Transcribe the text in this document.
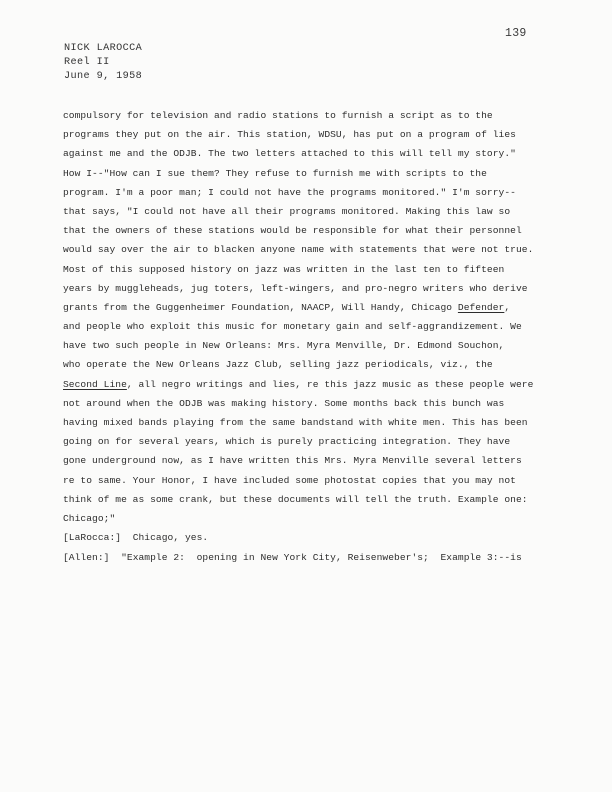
139
NICK LAROCCA
Reel II
June 9, 1958
compulsory for television and radio stations to furnish a script as to the
programs they put on the air. This station, WDSU, has put on a program of lies
against me and the ODJB. The two letters attached to this will tell my story."
How I--"How can I sue them? They refuse to furnish me with scripts to the
program. I'm a poor man; I could not have the programs monitored." I'm sorry--
that says, "I could not have all their programs monitored. Making this law so
that the owners of these stations would be responsible for what their personnel
would say over the air to blacken anyone name with statements that were not true.
Most of this supposed history on jazz was written in the last ten to fifteen
years by muggleheads, jug toters, left-wingers, and pro-negro writers who derive
grants from the Guggenheimer Foundation, NAACP, Will Handy, Chicago Defender,
and people who exploit this music for monetary gain and self-aggrandizement. We
have two such people in New Orleans: Mrs. Myra Menville, Dr. Edmond Souchon,
who operate the New Orleans Jazz Club, selling jazz periodicals, viz., the
Second Line, all negro writings and lies, re this jazz music as these people were
not around when the ODJB was making history. Some months back this bunch was
having mixed bands playing from the same bandstand with white men. This has been
going on for several years, which is purely practicing integration. They have
gone underground now, as I have written this Mrs. Myra Menville several letters
re to same. Your Honor, I have included some photostat copies that you may not
think of me as some crank, but these documents will tell the truth. Example one:
Chicago;"
[LaRocca:]  Chicago, yes.
[Allen:]  "Example 2:  opening in New York City, Reisenweber's;  Example 3:--is
